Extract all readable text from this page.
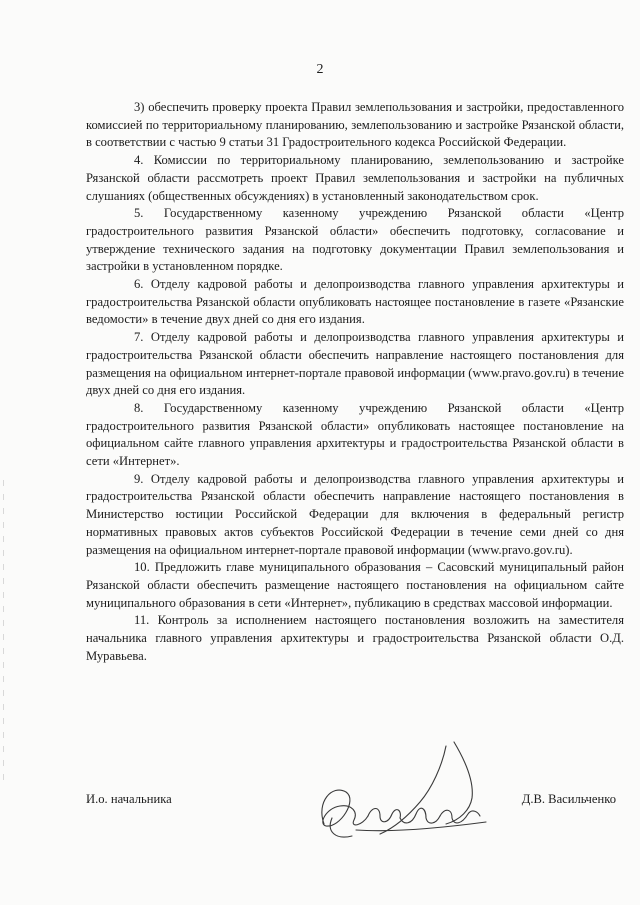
2

3) обеспечить проверку проекта Правил землепользования и застройки, предоставленного комиссией по территориальному планированию, землепользованию и застройке Рязанской области, в соответствии с частью 9 статьи 31 Градостроительного кодекса Российской Федерации.

4. Комиссии по территориальному планированию, землепользованию и застройке Рязанской области рассмотреть проект Правил землепользования и застройки на публичных слушаниях (общественных обсуждениях) в установленный законодательством срок.

5. Государственному казенному учреждению Рязанской области «Центр градостроительного развития Рязанской области» обеспечить подготовку, согласование и утверждение технического задания на подготовку документации Правил землепользования и застройки в установленном порядке.

6. Отделу кадровой работы и делопроизводства главного управления архитектуры и градостроительства Рязанской области опубликовать настоящее постановление в газете «Рязанские ведомости» в течение двух дней со дня его издания.

7. Отделу кадровой работы и делопроизводства главного управления архитектуры и градостроительства Рязанской области обеспечить направление настоящего постановления для размещения на официальном интернет-портале правовой информации (www.pravo.gov.ru) в течение двух дней со дня его издания.

8. Государственному казенному учреждению Рязанской области «Центр градостроительного развития Рязанской области» опубликовать настоящее постановление на официальном сайте главного управления архитектуры и градостроительства Рязанской области в сети «Интернет».

9. Отделу кадровой работы и делопроизводства главного управления архитектуры и градостроительства Рязанской области обеспечить направление настоящего постановления в Министерство юстиции Российской Федерации для включения в федеральный регистр нормативных правовых актов субъектов Российской Федерации в течение семи дней со дня размещения на официальном интернет-портале правовой информации (www.pravo.gov.ru).

10. Предложить главе муниципального образования – Сасовский муниципальный район Рязанской области обеспечить размещение настоящего постановления на официальном сайте муниципального образования в сети «Интернет», публикацию в средствах массовой информации.

11. Контроль за исполнением настоящего постановления возложить на заместителя начальника главного управления архитектуры и градостроительства Рязанской области О.Д. Муравьева.

И.о. начальника	Д.В. Васильченко
